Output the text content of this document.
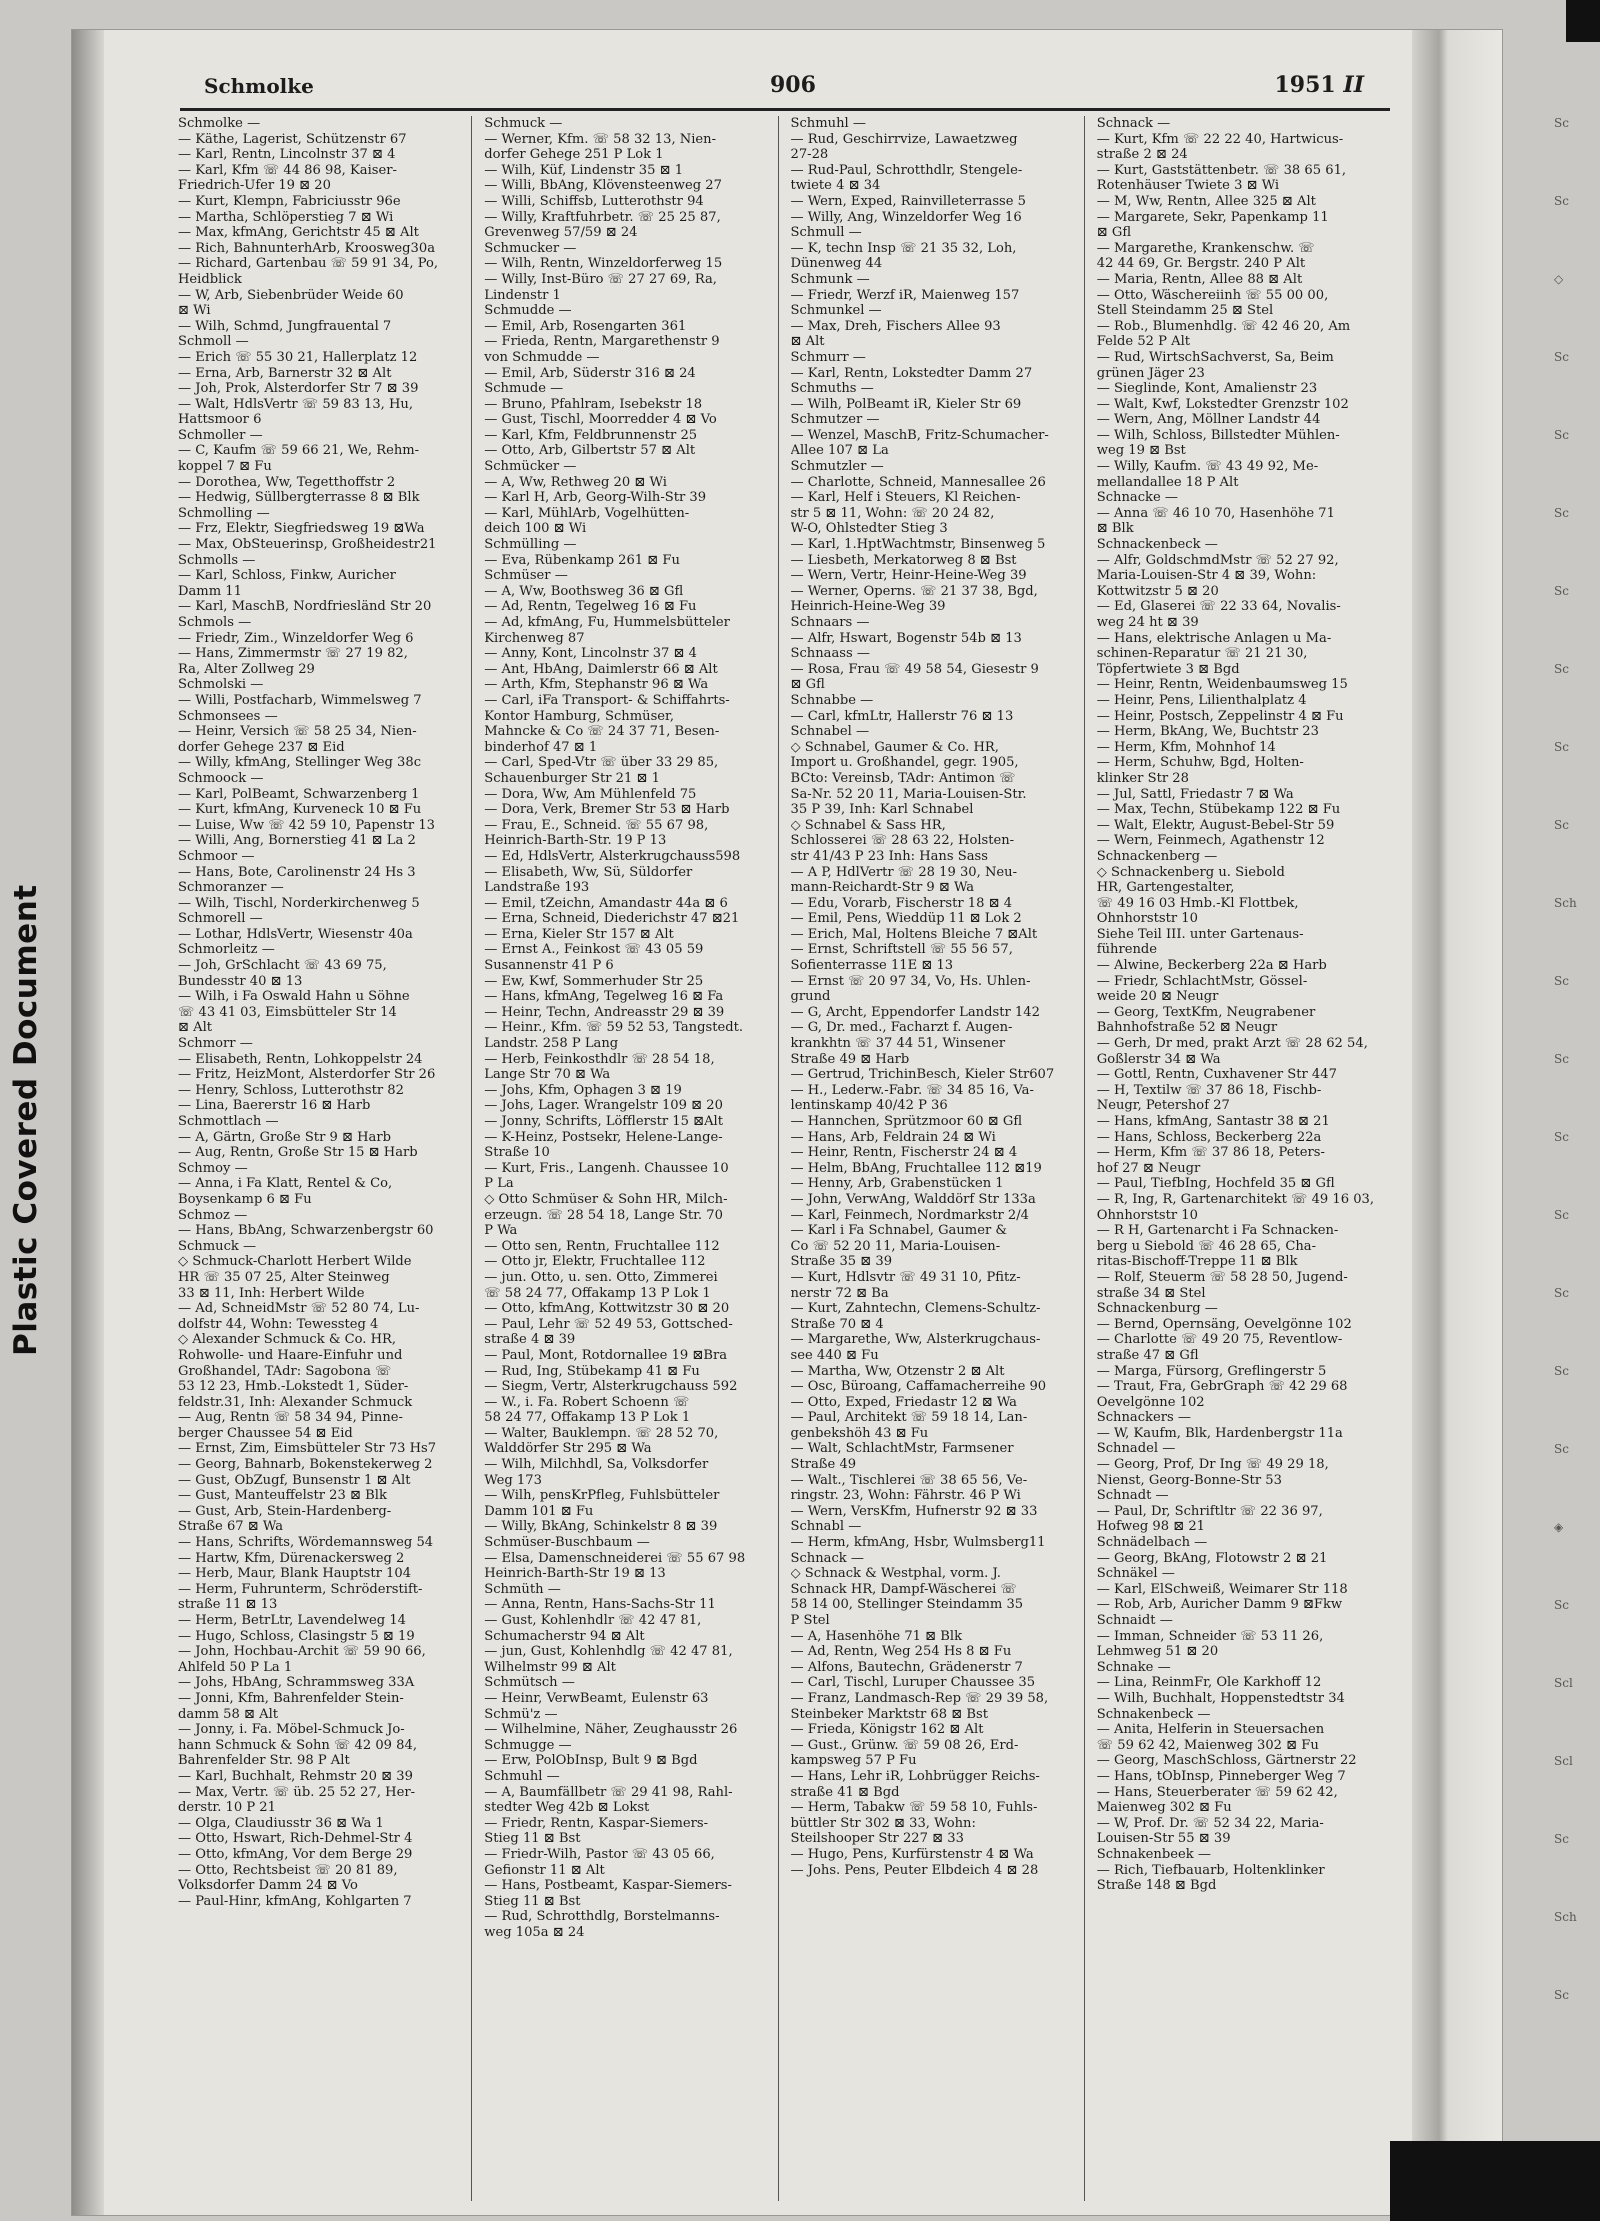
Plastic Covered Document
Schmolke	906	1951 II
Schmolke —
— Käthe, Lagerist, Schützenstr 67
— Karl, Rentn, Lincolnstr 37 ⊠ 4
— Karl, Kfm ☏ 44 86 98, Kaiser-
Friedrich-Ufer 19 ⊠ 20
— Kurt, Klempn, Fabriciusstr 96e
— Martha, Schlöperstieg 7 ⊠ Wi
— Max, kfmAng, Gerichtstr 45 ⊠ Alt
— Rich, BahnunterhArb, Krooswеg30a
— Richard, Gartenbau ☏ 59 91 34, Po,
Heidblick
— W, Arb, Siebenbrüder Weide 60
⊠ Wi
— Wilh, Schmd, Jungfrauental 7
Schmoll —
— Erich ☏ 55 30 21, Hallerplatz 12
— Erna, Arb, Barnerstr 32 ⊠ Alt
— Joh, Prok, Alsterdorfer Str 7 ⊠ 39
— Walt, HdlsVertr ☏ 59 83 13, Hu,
Hattsmoor 6
Schmoller —
— C, Kaufm ☏ 59 66 21, We, Rehm-
koppel 7 ⊠ Fu
— Dorothea, Ww, Tegetthoffstr 2
— Hedwig, Süllbergterrasse 8 ⊠ Blk
Schmolling —
— Frz, Elektr, Siegfriedsweg 19 ⊠Wa
— Max, ObSteuerinsp, Großheidestr21
Schmolls —
— Karl, Schloss, Finkw, Auricher
Damm 11
— Karl, MaschB, Nordfriesländ Str 20
Schmols —
— Friedr, Zim., Winzeldorfer Weg 6
— Hans, Zimmermstr ☏ 27 19 82,
Ra, Alter Zollweg 29
Schmolski —
— Willi, Postfacharb, Wimmelsweg 7
Schmonsees —
— Heinr, Versich ☏ 58 25 34, Nien-
dorfer Gehege 237 ⊠ Eid
— Willy, kfmAng, Stellinger Weg 38c
Schmoock —
— Karl, PolBeamt, Schwarzenberg 1
— Kurt, kfmAng, Kurveneck 10 ⊠ Fu
— Luise, Ww ☏ 42 59 10, Papenstr 13
— Willi, Ang, Bornerstieg 41 ⊠ La 2
Schmoor —
— Hans, Bote, Carolinenstr 24 Hs 3
Schmoranzer —
— Wilh, Tischl, Norderkirchenweg 5
Schmorell —
— Lothar, HdlsVertr, Wiesenstr 40a
Schmorleitz —
— Joh, GrSchlacht ☏ 43 69 75,
Bundesstr 40 ⊠ 13
— Wilh, i Fa Oswald Hahn u Söhne
☏ 43 41 03, Eimsbütteler Str 14
⊠ Alt
Schmorr —
— Elisabeth, Rentn, Lohkoppelstr 24
— Fritz, HeizMont, Alsterdorfer Str 26
— Henry, Schloss, Lutterothstr 82
— Lina, Baererstr 16 ⊠ Harb
Schmottlach —
— A, Gärtn, Große Str 9 ⊠ Harb
— Aug, Rentn, Große Str 15 ⊠ Harb
Schmoy —
— Anna, i Fa Klatt, Rentel & Co,
Boysenkamp 6 ⊠ Fu
Schmoz —
— Hans, BbAng, Schwarzenbergstr 60
Schmuck —
◇ Schmuck-Charlott Herbert Wilde
HR ☏ 35 07 25, Alter Steinweg
33 ⊠ 11, Inh: Herbert Wilde
— Ad, SchneidMstr ☏ 52 80 74, Lu-
dolfstr 44, Wohn: Tewessteg 4
◇ Alexander Schmuck & Co. HR,
Rohwolle- und Haare-Einfuhr und
Großhandel, TAdr: Sagobona ☏
53 12 23, Hmb.-Lokstedt 1, Süder-
feldstr.31, Inh: Alexander Schmuck
— Aug, Rentn ☏ 58 34 94, Pinne-
berger Chaussee 54 ⊠ Eid
— Ernst, Zim, Eimsbütteler Str 73 Hs7
— Georg, Bahnarb, Bokenstekerweg 2
— Gust, ObZugf, Bunsenstr 1 ⊠ Alt
— Gust, Manteuffelstr 23 ⊠ Blk
— Gust, Arb, Stein-Hardenberg-
Straße 67 ⊠ Wa
— Hans, Schrifts, Wördemannsweg 54
— Hartw, Kfm, Dürenackersweg 2
— Herb, Maur, Blank Hauptstr 104
— Herm, Fuhrunterm, Schröderstift-
straße 11 ⊠ 13
— Herm, BetrLtr, Lavendelweg 14
— Hugo, Schloss, Clasingstr 5 ⊠ 19
— John, Hochbau-Archit ☏ 59 90 66,
Ahlfeld 50 P La 1
— Johs, HbAng, Schrammsweg 33A
— Jonni, Kfm, Bahrenfelder Stein-
damm 58 ⊠ Alt
— Jonny, i. Fa. Möbel-Schmuck Jo-
hann Schmuck & Sohn ☏ 42 09 84,
Bahrenfelder Str. 98 P Alt
— Karl, Buchhalt, Rehmstr 20 ⊠ 39
— Max, Vertr. ☏ üb. 25 52 27, Her-
derstr. 10 P 21
— Olga, Claudiusstr 36 ⊠ Wa 1
— Otto, Hswart, Rich-Dehmel-Str 4
— Otto, kfmAng, Vor dem Berge 29
— Otto, Rechtsbeist ☏ 20 81 89,
Volksdorfer Damm 24 ⊠ Vo
— Paul-Hinr, kfmAng, Kohlgarten 7
Schmuck —
— Werner, Kfm. ☏ 58 32 13, Nien-
dorfer Gehege 251 P Lok 1
— Wilh, Küf, Lindenstr 35 ⊠ 1
— Willi, BbAng, Klövensteenweg 27
— Willi, Schiffsb, Lutterothstr 94
— Willy, Kraftfuhrbetr. ☏ 25 25 87,
Grevenweg 57/59 ⊠ 24
Schmucker —
— Wilh, Rentn, Winzeldorferweg 15
— Willy, Inst-Büro ☏ 27 27 69, Ra,
Lindenstr 1
Schmudde —
— Emil, Arb, Rosengarten 361
— Frieda, Rentn, Margarethenstr 9
von Schmudde —
— Emil, Arb, Süderstr 316 ⊠ 24
Schmude —
— Bruno, Pfahlram, Isebekstr 18
— Gust, Tischl, Moorredder 4 ⊠ Vo
— Karl, Kfm, Feldbrunnenstr 25
— Otto, Arb, Gilbertstr 57 ⊠ Alt
Schmücker —
— A, Ww, Rethweg 20 ⊠ Wi
— Karl H, Arb, Georg-Wilh-Str 39
— Karl, MühlArb, Vogelhütten-
deich 100 ⊠ Wi
Schmülling —
— Eva, Rübenkamp 261 ⊠ Fu
Schmüser —
— A, Ww, Boothsweg 36 ⊠ Gfl
— Ad, Rentn, Tegelweg 16 ⊠ Fu
— Ad, kfmAng, Fu, Hummelsbütteler
Kirchenweg 87
— Anny, Kont, Lincolnstr 37 ⊠ 4
— Ant, HbAng, Daimlerstr 66 ⊠ Alt
— Arth, Kfm, Stephanstr 96 ⊠ Wa
— Carl, iFa Transport- & Schiffahrts-
Kontor Hamburg, Schmüser,
Mahncke & Co ☏ 24 37 71, Besen-
binderhof 47 ⊠ 1
— Carl, Sped-Vtr ☏ über 33 29 85,
Schauenburger Str 21 ⊠ 1
— Dora, Ww, Am Mühlenfeld 75
— Dora, Verk, Bremer Str 53 ⊠ Harb
— Frau, E., Schneid. ☏ 55 67 98,
Heinrich-Barth-Str. 19 P 13
— Ed, HdlsVertr, Alsterkrugchauss598
— Elisabeth, Ww, Sü, Süldorfer
Landstraße 193
— Emil, tZeichn, Amandastr 44a ⊠ 6
— Erna, Schneid, Diederichstr 47 ⊠21
— Erna, Kieler Str 157 ⊠ Alt
— Ernst A., Feinkost ☏ 43 05 59
Susannenstr 41 P 6
— Ew, Kwf, Sommerhuder Str 25
— Hans, kfmAng, Tegelweg 16 ⊠ Fa
— Heinr, Techn, Andreasstr 29 ⊠ 39
— Heinr., Kfm. ☏ 59 52 53, Tangstedt.
Landstr. 258 P Lang
— Herb, Feinkosthdlr ☏ 28 54 18,
Lange Str 70 ⊠ Wa
— Johs, Kfm, Ophagen 3 ⊠ 19
— Johs, Lager. Wrangelstr 109 ⊠ 20
— Jonny, Schrifts, Löfflerstr 15 ⊠Alt
— K-Heinz, Postsekr, Helene-Lange-
Straße 10
— Kurt, Fris., Langenh. Chaussee 10
P La
◇ Otto Schmüser & Sohn HR, Milch-
erzeugn. ☏ 28 54 18, Lange Str. 70
P Wa
— Otto sen, Rentn, Fruchtallee 112
— Otto jr, Elektr, Fruchtallee 112
— jun. Otto, u. sen. Otto, Zimmerei
☏ 58 24 77, Offakamp 13 P Lok 1
— Otto, kfmAng, Kottwitzstr 30 ⊠ 20
— Paul, Lehr ☏ 52 49 53, Gottsched-
straße 4 ⊠ 39
— Paul, Mont, Rotdornallee 19 ⊠Bra
— Rud, Ing, Stübekamp 41 ⊠ Fu
— Siegm, Vertr, Alsterkrugchauss 592
— W., i. Fa. Robert Schoenn ☏
58 24 77, Offakamp 13 P Lok 1
— Walter, Bauklempn. ☏ 28 52 70,
Walddörfer Str 295 ⊠ Wa
— Wilh, Milchhdl, Sa, Volksdorfer
Weg 173
— Wilh, pensKrPfleg, Fuhlsbütteler
Damm 101 ⊠ Fu
— Willy, BkAng, Schinkelstr 8 ⊠ 39
Schmüser-Buschbaum —
— Elsa, Damenschneiderei ☏ 55 67 98
Heinrich-Barth-Str 19 ⊠ 13
Schmüth —
— Anna, Rentn, Hans-Sachs-Str 11
— Gust, Kohlenhdlr ☏ 42 47 81,
Schumacherstr 94 ⊠ Alt
— jun, Gust, Kohlenhdlg ☏ 42 47 81,
Wilhelmstr 99 ⊠ Alt
Schmütsch —
— Heinr, VerwBeamt, Eulenstr 63
Schmü'z —
— Wilhelmine, Näher, Zeughausstr 26
Schmugge —
— Erw, PolObInsp, Bult 9 ⊠ Bgd
Schmuhl —
— A, Baumfällbetr ☏ 29 41 98, Rahl-
stedter Weg 42b ⊠ Lokst
— Friedr, Rentn, Kaspar-Siemers-
Stieg 11 ⊠ Bst
— Friedr-Wilh, Pastor ☏ 43 05 66,
Gefionstr 11 ⊠ Alt
— Hans, Postbeamt, Kaspar-Siemers-
Stieg 11 ⊠ Bst
— Rud, Schrotthdlg, Borstelmanns-
weg 105a ⊠ 24
Schmuhl —
— Rud, Geschirrvize, Lawaetzweg
27-28
— Rud-Paul, Schrotthdlr, Stengele-
twiete 4 ⊠ 34
— Wern, Exped, Rainvilleterrasse 5
— Willy, Ang, Winzeldorfer Weg 16
Schmull —
— K, techn Insp ☏ 21 35 32, Loh,
Dünenweg 44
Schmunk —
— Friedr, Werzf iR, Maienweg 157
Schmunkel —
— Max, Dreh, Fischers Allee 93
⊠ Alt
Schmurr —
— Karl, Rentn, Lokstedter Damm 27
Schmuths —
— Wilh, PolBeamt iR, Kieler Str 69
Schmutzer —
— Wenzel, MaschB, Fritz-Schumacher-
Allee 107 ⊠ La
Schmutzler —
— Charlotte, Schneid, Mannesallee 26
— Karl, Helf i Steuers, Kl Reichen-
str 5 ⊠ 11, Wohn: ☏ 20 24 82,
W-O, Ohlstedter Stieg 3
— Karl, 1.HptWachtmstr, Binsenweg 5
— Liesbeth, Merkatorweg 8 ⊠ Bst
— Wern, Vertr, Heinr-Heine-Weg 39
— Werner, Operns. ☏ 21 37 38, Bgd,
Heinrich-Heine-Weg 39
Schnaars —
— Alfr, Hswart, Bogenstr 54b ⊠ 13
Schnaass —
— Rosa, Frau ☏ 49 58 54, Giesestr 9
⊠ Gfl
Schnabbe —
— Carl, kfmLtr, Hallerstr 76 ⊠ 13
Schnabel —
◇ Schnabel, Gaumer & Co. HR,
Import u. Großhandel, gegr. 1905,
BCto: Vereinsb, TAdr: Antimon ☏
Sa-Nr. 52 20 11, Maria-Louisen-Str.
35 P 39, Inh: Karl Schnabel
◇ Schnabel & Sass HR,
Schlosserei ☏ 28 63 22, Holsten-
str 41/43 P 23 Inh: Hans Sass
— A P, HdlVertr ☏ 28 19 30, Neu-
mann-Reichardt-Str 9 ⊠ Wa
— Edu, Vorarb, Fischerstr 18 ⊠ 4
— Emil, Pens, Wieddüp 11 ⊠ Lok 2
— Erich, Mal, Holtens Bleiche 7 ⊠Alt
— Ernst, Schriftstell ☏ 55 56 57,
Sofienterrasse 11E ⊠ 13
— Ernst ☏ 20 97 34, Vo, Hs. Uhlen-
grund
— G, Archt, Eppendorfer Landstr 142
— G, Dr. med., Facharzt f. Augen-
krankhtn ☏ 37 44 51, Winsener
Straße 49 ⊠ Harb
— Gertrud, TrichinBesch, Kieler Str607
— H., Lederw.-Fabr. ☏ 34 85 16, Va-
lentinskamp 40/42 P 36
— Hannchen, Sprützmoor 60 ⊠ Gfl
— Hans, Arb, Feldrain 24 ⊠ Wi
— Heinr, Rentn, Fischerstr 24 ⊠ 4
— Helm, BbAng, Fruchtallee 112 ⊠19
— Henny, Arb, Grabenstücken 1
— John, VerwAng, Walddörf Str 133a
— Karl, Feinmech, Nordmarkstr 2/4
— Karl i Fa Schnabel, Gaumer &
Co ☏ 52 20 11, Maria-Louisen-
Straße 35 ⊠ 39
— Kurt, Hdlsvtr ☏ 49 31 10, Pfitz-
nerstr 72 ⊠ Ba
— Kurt, Zahntechn, Clemens-Schultz-
Straße 70 ⊠ 4
— Margarethe, Ww, Alsterkrugchaus-
see 440 ⊠ Fu
— Martha, Ww, Otzenstr 2 ⊠ Alt
— Osc, Büroang, Caffamacherreihe 90
— Otto, Exped, Friedastr 12 ⊠ Wa
— Paul, Architekt ☏ 59 18 14, Lan-
genbekshöh 43 ⊠ Fu
— Walt, SchlachtMstr, Farmsener
Straße 49
— Walt., Tischlerei ☏ 38 65 56, Ve-
ringstr. 23, Wohn: Fährstr. 46 P Wi
— Wern, VersKfm, Hufnerstr 92 ⊠ 33
Schnabl —
— Herm, kfmAng, Hsbr, Wulmsberg11
Schnack —
◇ Schnack & Westphal, vorm. J.
Schnack HR, Dampf-Wäscherei ☏
58 14 00, Stellinger Steindamm 35
P Stel
— A, Hasenhöhe 71 ⊠ Blk
— Ad, Rentn, Weg 254 Hs 8 ⊠ Fu
— Alfons, Bautechn, Grädenerstr 7
— Carl, Tischl, Luruper Chaussee 35
— Franz, Landmasch-Rep ☏ 29 39 58,
Steinbeker Marktstr 68 ⊠ Bst
— Frieda, Königstr 162 ⊠ Alt
— Gust., Grünw. ☏ 59 08 26, Erd-
kampsweg 57 P Fu
— Hans, Lehr iR, Lohbrügger Reichs-
straße 41 ⊠ Bgd
— Herm, Tabakw ☏ 59 58 10, Fuhls-
büttler Str 302 ⊠ 33, Wohn:
Steilshooper Str 227 ⊠ 33
— Hugo, Pens, Kurfürstenstr 4 ⊠ Wa
— Johs. Pens, Peuter Elbdeich 4 ⊠ 28
Schnack —
— Kurt, Kfm ☏ 22 22 40, Hartwicus-
straße 2 ⊠ 24
— Kurt, Gaststättenbetr. ☏ 38 65 61,
Rotenhäuser Twiete 3 ⊠ Wi
— M, Ww, Rentn, Allee 325 ⊠ Alt
— Margarete, Sekr, Papenkamp 11
⊠ Gfl
— Margarethe, Krankenschw. ☏
42 44 69, Gr. Bergstr. 240 P Alt
— Maria, Rentn, Allee 88 ⊠ Alt
— Otto, Wäschereiinh ☏ 55 00 00,
Stell Steindamm 25 ⊠ Stel
— Rob., Blumenhdlg. ☏ 42 46 20, Am
Felde 52 P Alt
— Rud, WirtschSachverst, Sa, Beim
grünen Jäger 23
— Sieglinde, Kont, Amalienstr 23
— Walt, Kwf, Lokstedter Grenzstr 102
— Wern, Ang, Möllner Landstr 44
— Wilh, Schloss, Billstedter Mühlen-
weg 19 ⊠ Bst
— Willy, Kaufm. ☏ 43 49 92, Me-
mellandallee 18 P Alt
Schnacke —
— Anna ☏ 46 10 70, Hasenhöhe 71
⊠ Blk
Schnackenbeck —
— Alfr, GoldschmdMstr ☏ 52 27 92,
Maria-Louisen-Str 4 ⊠ 39, Wohn:
Kottwitzstr 5 ⊠ 20
— Ed, Glaserei ☏ 22 33 64, Novalis-
weg 24 ht ⊠ 39
— Hans, elektrische Anlagen u Ma-
schinen-Reparatur ☏ 21 21 30,
Töpfertwiete 3 ⊠ Bgd
— Heinr, Rentn, Weidenbaumsweg 15
— Heinr, Pens, Lilienthalplatz 4
— Heinr, Postsch, Zeppelinstr 4 ⊠ Fu
— Herm, BkAng, We, Buchtstr 23
— Herm, Kfm, Mohnhof 14
— Herm, Schuhw, Bgd, Holten-
klinker Str 28
— Jul, Sattl, Friedastr 7 ⊠ Wa
— Max, Techn, Stübekamp 122 ⊠ Fu
— Walt, Elektr, August-Bebel-Str 59
— Wern, Feinmech, Agathenstr 12
Schnackenberg —
◇ Schnackenberg u. Siebold
HR, Gartengestalter,
☏ 49 16 03 Hmb.-Kl Flottbek,
Ohnhorststr 10
Siehe Teil III. unter Gartenaus-
führende
— Alwine, Beckerberg 22a ⊠ Harb
— Friedr, SchlachtMstr, Gössel-
weide 20 ⊠ Neugr
— Georg, TextKfm, Neugrabener
Bahnhofstraße 52 ⊠ Neugr
— Gerh, Dr med, prakt Arzt ☏ 28 62 54,
Goßlerstr 34 ⊠ Wa
— Gottl, Rentn, Cuxhavener Str 447
— H, Textilw ☏ 37 86 18, Fischb-
Neugr, Petershof 27
— Hans, kfmAng, Santastr 38 ⊠ 21
— Hans, Schloss, Beckerberg 22a
— Herm, Kfm ☏ 37 86 18, Peters-
hof 27 ⊠ Neugr
— Paul, TiefbIng, Hochfeld 35 ⊠ Gfl
— R, Ing, R, Gartenarchitekt ☏ 49 16 03,
Ohnhorststr 10
— R H, Gartenarcht i Fa Schnacken-
berg u Siebold ☏ 46 28 65, Cha-
ritas-Bischoff-Treppe 11 ⊠ Blk
— Rolf, Steuerm ☏ 58 28 50, Jugend-
straße 34 ⊠ Stel
Schnackenburg —
— Bernd, Opernsäng, Oevelgönne 102
— Charlotte ☏ 49 20 75, Reventlow-
straße 47 ⊠ Gfl
— Marga, Fürsorg, Greflingerstr 5
— Traut, Fra, GebrGraph ☏ 42 29 68
Oevelgönne 102
Schnackers —
— W, Kaufm, Blk, Hardenbergstr 11a
Schnadel —
— Georg, Prof, Dr Ing ☏ 49 29 18,
Nienst, Georg-Bonne-Str 53
Schnadt —
— Paul, Dr, Schriftltr ☏ 22 36 97,
Hofweg 98 ⊠ 21
Schnädelbach —
— Georg, BkAng, Flotowstr 2 ⊠ 21
Schnäkel —
— Karl, ElSchweiß, Weimarer Str 118
— Rob, Arb, Auricher Damm 9 ⊠Fkw
Schnaidt —
— Imman, Schneider ☏ 53 11 26,
Lehmweg 51 ⊠ 20
Schnake —
— Lina, ReinmFr, Ole Karkhoff 12
— Wilh, Buchhalt, Hoppenstedtstr 34
Schnakenbeck —
— Anita, Helferin in Steuersachen
☏ 59 62 42, Maienweg 302 ⊠ Fu
— Georg, MaschSchloss, Gärtnerstr 22
— Hans, tObInsp, Pinneberger Weg 7
— Hans, Steuerberater ☏ 59 62 42,
Maienweg 302 ⊠ Fu
— W, Prof. Dr. ☏ 52 34 22, Maria-
Louisen-Str 55 ⊠ 39
Schnakenbeek —
— Rich, Tiefbauarb, Holtenklinker
Straße 148 ⊠ Bgd
Sc
Sc
◇
Sc
Sc
Sc
Sc
Sc
Sc
Sc
Sch
Sc
Sc
Sc
Sc
Sc
Sc
Sc
◈
Sc
Scl
Scl
Sc
Sch
Sc
